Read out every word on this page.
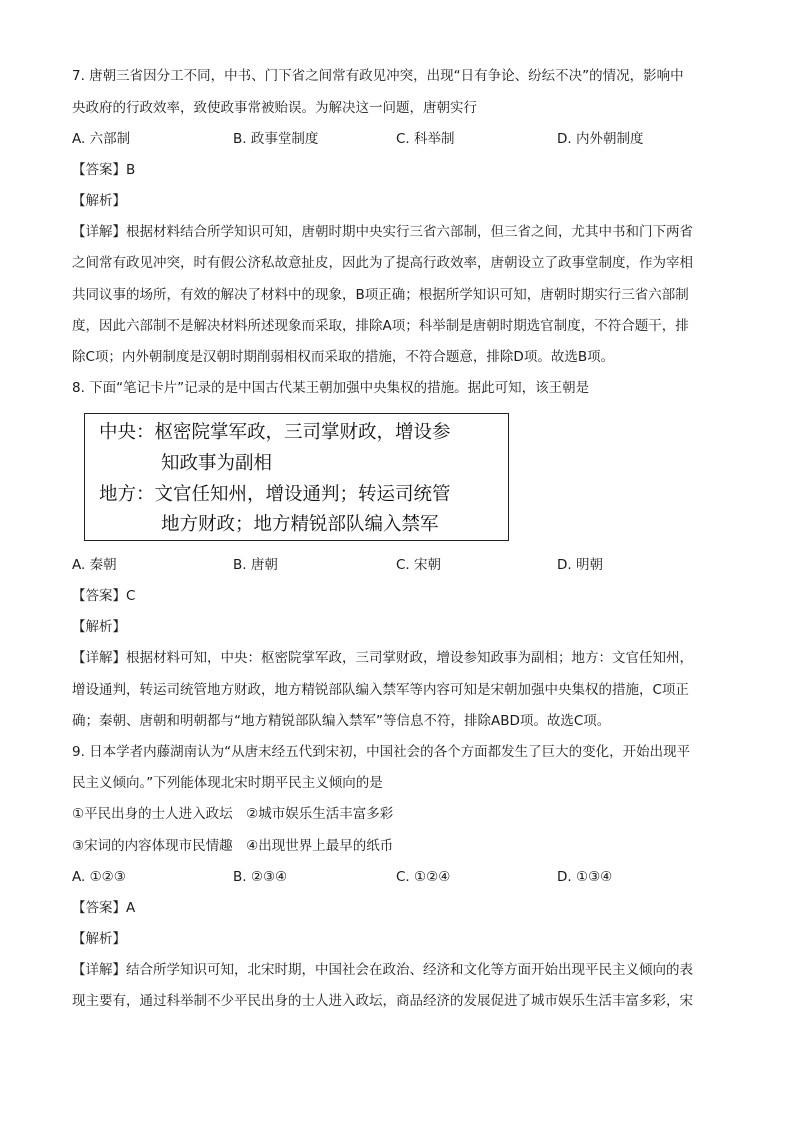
7. 唐朝三省因分工不同，中书、门下省之间常有政见冲突，出现“日有争论、纷纭不决”的情况，影响中
央政府的行政效率，致使政事常被贻误。为解决这一问题，唐朝实行
A. 六部制	B. 政事堂制度	C. 科举制	D. 内外朝制度
【答案】B
【解析】
【详解】根据材料结合所学知识可知，唐朝时期中央实行三省六部制，但三省之间，尤其中书和门下两省
之间常有政见冲突，时有假公济私故意扯皮，因此为了提高行政效率，唐朝设立了政事堂制度，作为宰相
共同议事的场所，有效的解决了材料中的现象，B项正确；根据所学知识可知，唐朝时期实行三省六部制
度，因此六部制不是解决材料所述现象而采取，排除A项；科举制是唐朝时期选官制度，不符合题干，排
除C项；内外朝制度是汉朝时期削弱相权而采取的措施，不符合题意，排除D项。故选B项。
8. 下面“笔记卡片”记录的是中国古代某王朝加强中央集权的措施。据此可知，该王朝是
中央：枢密院掌军政，三司掌财政，增设参
知政事为副相
地方：文官任知州，增设通判；转运司统管
地方财政；地方精锐部队编入禁军
A. 秦朝	B. 唐朝	C. 宋朝	D. 明朝
【答案】C
【解析】
【详解】根据材料可知，中央：枢密院掌军政，三司掌财政，增设参知政事为副相；地方：文官任知州，
增设通判，转运司统管地方财政，地方精锐部队编入禁军等内容可知是宋朝加强中央集权的措施，C项正
确；秦朝、唐朝和明朝都与“地方精锐部队编入禁军”等信息不符，排除ABD项。故选C项。
9. 日本学者内藤湖南认为“从唐末经五代到宋初，中国社会的各个方面都发生了巨大的变化，开始出现平
民主义倾向。”下列能体现北宋时期平民主义倾向的是
①平民出身的士人进入政坛　②城市娱乐生活丰富多彩
③宋词的内容体现市民情趣　④出现世界上最早的纸币
A. ①②③	B. ②③④	C. ①②④	D. ①③④
【答案】A
【解析】
【详解】结合所学知识可知，北宋时期，中国社会在政治、经济和文化等方面开始出现平民主义倾向的表
现主要有，通过科举制不少平民出身的士人进入政坛，商品经济的发展促进了城市娱乐生活丰富多彩，宋
